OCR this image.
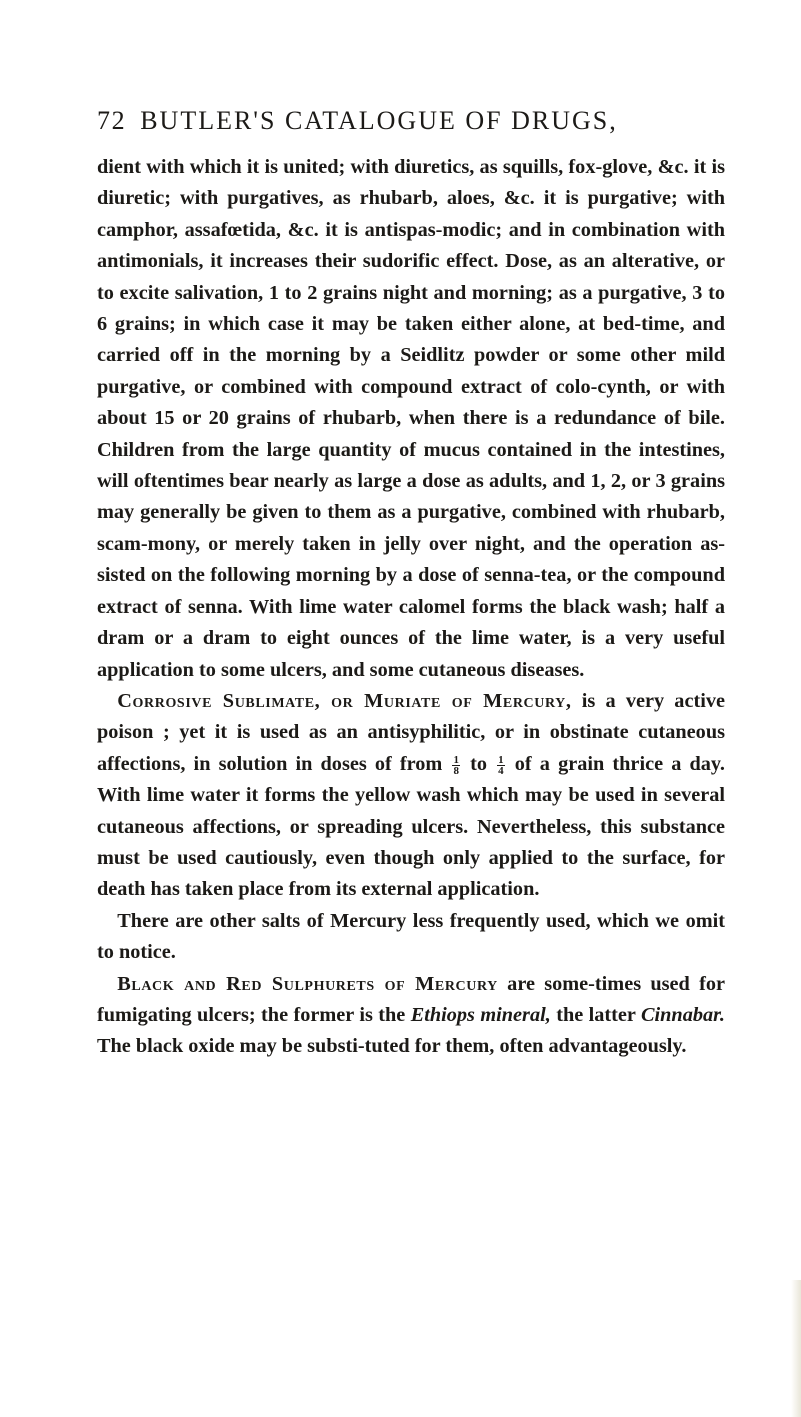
72 BUTLER'S CATALOGUE OF DRUGS,

dient with which it is united; with diuretics, as squills, fox-glove, &c. it is diuretic; with purgatives, as rhubarb, aloes, &c. it is purgative; with camphor, assafœtida, &c. it is antispas-modic; and in combination with antimonials, it increases their sudorific effect. Dose, as an alterative, or to excite salivation, 1 to 2 grains night and morning; as a purgative, 3 to 6 grains; in which case it may be taken either alone, at bed-time, and carried off in the morning by a Seidlitz powder or some other mild purgative, or combined with compound extract of colo-cynth, or with about 15 or 20 grains of rhubarb, when there is a redundance of bile. Children from the large quantity of mucus contained in the intestines, will oftentimes bear nearly as large a dose as adults, and 1, 2, or 3 grains may generally be given to them as a purgative, combined with rhubarb, scam-mony, or merely taken in jelly over night, and the operation as-sisted on the following morning by a dose of senna-tea, or the compound extract of senna. With lime water calomel forms the black wash; half a dram or a dram to eight ounces of the lime water, is a very useful application to some ulcers, and some cutaneous diseases.

 Corrosive Sublimate, or Muriate of Mercury, is a very active poison ; yet it is used as an antisyphilitic, or in obstinate cutaneous affections, in solution in doses of from $\frac{1}{8}$ to $\frac{1}{4}$ of a grain thrice a day. With lime water it forms the yellow wash which may be used in several cutaneous affections, or spreading ulcers. Nevertheless, this substance must be used cautiously, even though only applied to the surface, for death has taken place from its external application.

 There are other salts of Mercury less frequently used, which we omit to notice.

 Black and Red Sulphurets of Mercury are some-times used for fumigating ulcers; the former is the Ethiops mineral, the latter Cinnabar. The black oxide may be substi-tuted for them, often advantageously.
